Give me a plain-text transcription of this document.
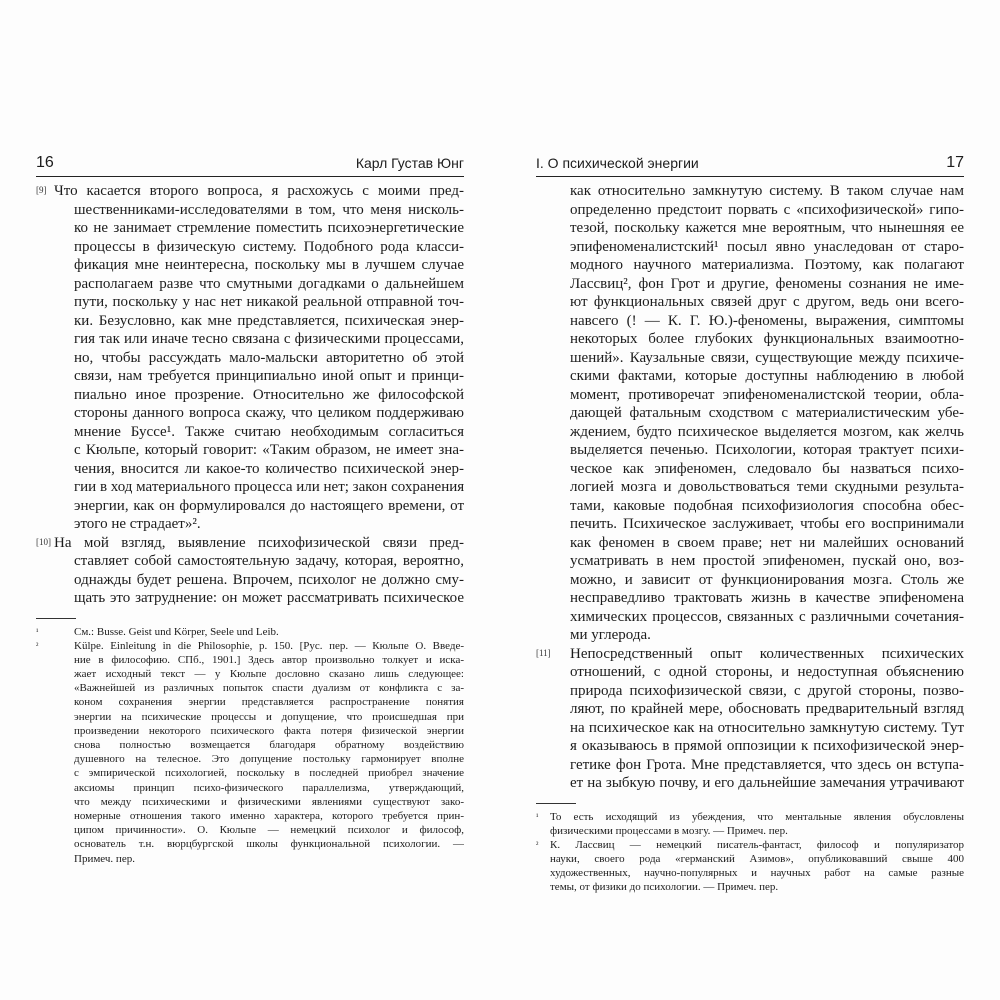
16	Карл Густав Юнг
[9] Что касается второго вопроса, я расхожусь с моими пред-
шественниками-исследователями в том, что меня нисколь-
ко не занимает стремление поместить психоэнергетические
процессы в физическую систему. Подобного рода класси-
фикация мне неинтересна, поскольку мы в лучшем случае
располагаем разве что смутными догадками о дальнейшем
пути, поскольку у нас нет никакой реальной отправной точ-
ки. Безусловно, как мне представляется, психическая энер-
гия так или иначе тесно связана с физическими процессами,
но, чтобы рассуждать мало-мальски авторитетно об этой
связи, нам требуется принципиально иной опыт и принци-
пиально иное прозрение. Относительно же философской
стороны данного вопроса скажу, что целиком поддерживаю
мнение Буссе¹. Также считаю необходимым согласиться
с Кюльпе, который говорит: «Таким образом, не имеет зна-
чения, вносится ли какое-то количество психической энер-
гии в ход материального процесса или нет; закон сохранения
энергии, как он формулировался до настоящего времени, от
этого не страдает»².
[10] На мой взгляд, выявление психофизической связи пред-
ставляет собой самостоятельную задачу, которая, вероятно,
однажды будет решена. Впрочем, психолог не должно сму-
щать это затруднение: он может рассматривать психическое
¹	См.: Busse. Geist und Körper, Seele und Leib.
²	Külpe. Einleitung in die Philosophie, p. 150. [Рус. пер. — Кюльпе О. Введе-
ние в философию. СПб., 1901.] Здесь автор произвольно толкует и иска-
жает исходный текст — у Кюльпе дословно сказано лишь следующее:
«Важнейшей из различных попыток спасти дуализм от конфликта с за-
коном сохранения энергии представляется распространение понятия
энергии на психические процессы и допущение, что происшедшая при
произведении некоторого психического факта потеря физической энергии
снова полностью возмещается благодаря обратному воздействию
душевного на телесное. Это допущение постольку гармонирует вполне
с эмпирической психологией, поскольку в последней приобрел значение
аксиомы принцип психо-физического параллелизма, утверждающий,
что между психическими и физическими явлениями существуют зако-
номерные отношения такого именно характера, которого требуется прин-
ципом причинности». О. Кюльпе — немецкий психолог и философ,
основатель т.н. вюрцбургской школы функциональной психологии. —
Примеч. пер.
I. О психической энергии	17
как относительно замкнутую систему. В таком случае нам
определенно предстоит порвать с «психофизической» гипо-
тезой, поскольку кажется мне вероятным, что нынешняя ее
эпифеноменалистский¹ посыл явно унаследован от старо-
модного научного материализма. Поэтому, как полагают
Лассвиц², фон Грот и другие, феномены сознания не име-
ют функциональных связей друг с другом, ведь они всего-
навсего (! — К. Г. Ю.)-феномены, выражения, симптомы
некоторых более глубоких функциональных взаимоотно-
шений». Каузальные связи, существующие между психиче-
скими фактами, которые доступны наблюдению в любой
момент, противоречат эпифеноменалистской теории, обла-
дающей фатальным сходством с материалистическим убе-
ждением, будто психическое выделяется мозгом, как желчь
выделяется печенью. Психологии, которая трактует психи-
ческое как эпифеномен, следовало бы назваться психо-
логией мозга и довольствоваться теми скудными результа-
тами, каковые подобная психофизиология способна обес-
печить. Психическое заслуживает, чтобы его воспринимали
как феномен в своем праве; нет ни малейших оснований
усматривать в нем простой эпифеномен, пускай оно, воз-
можно, и зависит от функционирования мозга. Столь же
несправедливо трактовать жизнь в качестве эпифеномена
химических процессов, связанных с различными сочетания-
ми углерода.
[11]	Непосредственный опыт количественных психических
отношений, с одной стороны, и недоступная объяснению
природа психофизической связи, с другой стороны, позво-
ляют, по крайней мере, обосновать предварительный взгляд
на психическое как на относительно замкнутую систему. Тут
я оказываюсь в прямой оппозиции к психофизической энер-
гетике фон Грота. Мне представляется, что здесь он вступа-
ет на зыбкую почву, и его дальнейшие замечания утрачивают
¹	То есть исходящий из убеждения, что ментальные явления обусловлены
физическими процессами в мозгу. — Примеч. пер.
²	К. Лассвиц — немецкий писатель-фантаст, философ и популяризатор
науки, своего рода «германский Азимов», опубликовавший свыше 400
художественных, научно-популярных и научных работ на самые разные
темы, от физики до психологии. — Примеч. пер.
